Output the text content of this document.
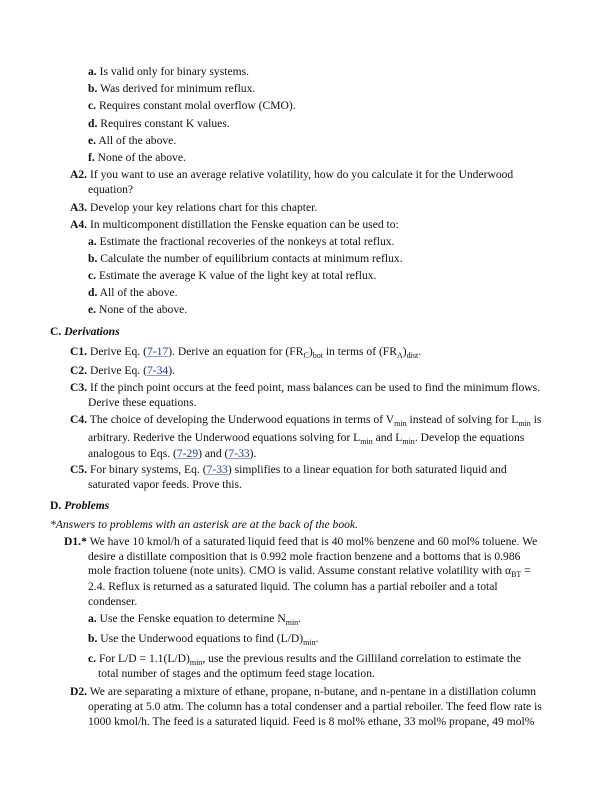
a. Is valid only for binary systems.
b. Was derived for minimum reflux.
c. Requires constant molal overflow (CMO).
d. Requires constant K values.
e. All of the above.
f. None of the above.
A2. If you want to use an average relative volatility, how do you calculate it for the Underwood
equation?
A3. Develop your key relations chart for this chapter.
A4. In multicomponent distillation the Fenske equation can be used to:
a. Estimate the fractional recoveries of the nonkeys at total reflux.
b. Calculate the number of equilibrium contacts at minimum reflux.
c. Estimate the average K value of the light key at total reflux.
d. All of the above.
e. None of the above.
C. Derivations
C1. Derive Eq. (7-17). Derive an equation for $(FR_C)_{bot}$ in terms of $(FR_A)_{dist}$.
C2. Derive Eq. (7-34).
C3. If the pinch point occurs at the feed point, mass balances can be used to find the minimum flows.
Derive these equations.
C4. The choice of developing the Underwood equations in terms of $V_{min}$ instead of solving for $L_{min}$ is
arbitrary. Rederive the Underwood equations solving for $L_{min}$ and $L_{min}$. Develop the equations
analogous to Eqs. (7-29) and (7-33).
C5. For binary systems, Eq. (7-33) simplifies to a linear equation for both saturated liquid and
saturated vapor feeds. Prove this.
D. Problems
*Answers to problems with an asterisk are at the back of the book.
D1.* We have 10 kmol/h of a saturated liquid feed that is 40 mol% benzene and 60 mol% toluene. We
desire a distillate composition that is 0.992 mole fraction benzene and a bottoms that is 0.986
mole fraction toluene (note units). CMO is valid. Assume constant relative volatility with $\alpha_{BT}$ =
2.4. Reflux is returned as a saturated liquid. The column has a partial reboiler and a total
condenser.
a. Use the Fenske equation to determine $N_{min}$.
b. Use the Underwood equations to find $(L/D)_{min}$.
c. For $L/D = 1.1(L/D)_{min}$, use the previous results and the Gilliland correlation to estimate the
total number of stages and the optimum feed stage location.
D2. We are separating a mixture of ethane, propane, n-butane, and n-pentane in a distillation column
operating at 5.0 atm. The column has a total condenser and a partial reboiler. The feed flow rate is
1000 kmol/h. The feed is a saturated liquid. Feed is 8 mol% ethane, 33 mol% propane, 49 mol%
